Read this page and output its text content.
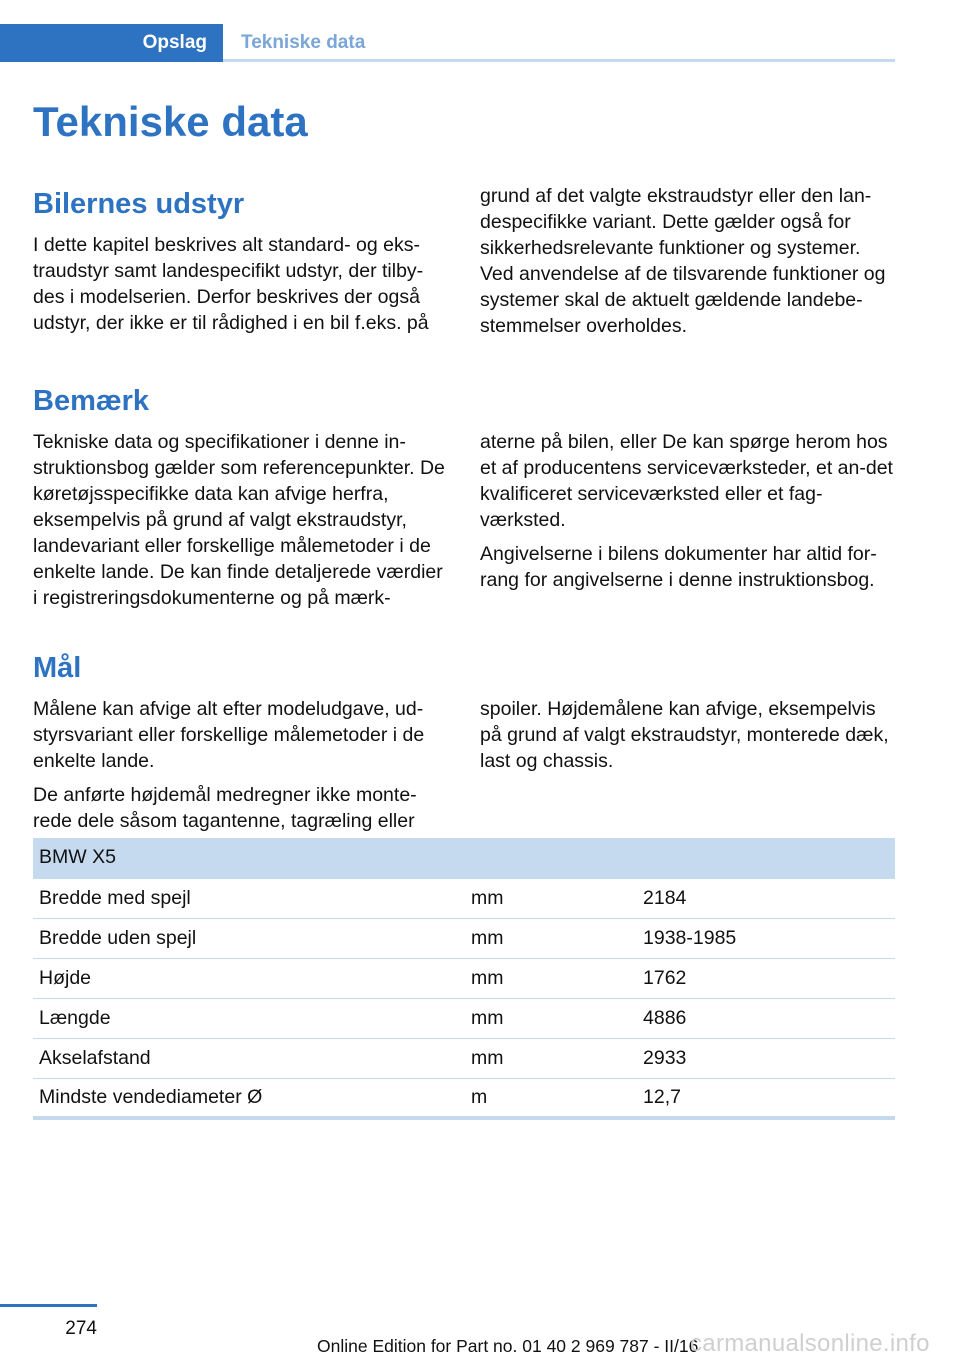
Opslag	Tekniske data
Tekniske data
Bilernes udstyr

I dette kapitel beskrives alt standard- og eks-traudstyr samt landespecifikt udstyr, der tilby-des i modelserien. Derfor beskrives der også udstyr, der ikke er til rådighed i en bil f.eks. på

grund af det valgte ekstraudstyr eller den lan-despecifikke variant. Dette gælder også for sikkerhedsrelevante funktioner og systemer. Ved anvendelse af de tilsvarende funktioner og systemer skal de aktuelt gældende landebe-stemmelser overholdes.

Bemærk

Tekniske data og specifikationer i denne in-struktionsbog gælder som referencepunkter. De køretøjsspecifikke data kan afvige herfra, eksempelvis på grund af valgt ekstraudstyr, landevariant eller forskellige målemetoder i de enkelte lande. De kan finde detaljerede værdier i registreringsdokumenterne og på mærk-

aterne på bilen, eller De kan spørge herom hos et af producentens serviceværksteder, et an-det kvalificeret serviceværksted eller et fag-værksted.

Angivelserne i bilens dokumenter har altid for-rang for angivelserne i denne instruktionsbog.

Mål

Målene kan afvige alt efter modeludgave, ud-styrsvariant eller forskellige målemetoder i de enkelte lande.

De anførte højdemål medregner ikke monte-rede dele såsom tagantenne, tagræling eller

spoiler. Højdemålene kan afvige, eksempelvis på grund af valgt ekstraudstyr, monterede dæk, last og chassis.

BMW X5		
Bredde med spejl	mm	2184
Bredde uden spejl	mm	1938-1985
Højde	mm	1762
Længde	mm	4886
Akselafstand	mm	2933
Mindste vendediameter Ø	m	12,7
274
Online Edition for Part no. 01 40 2 969 787 - II/16
carmanualsonline.info
